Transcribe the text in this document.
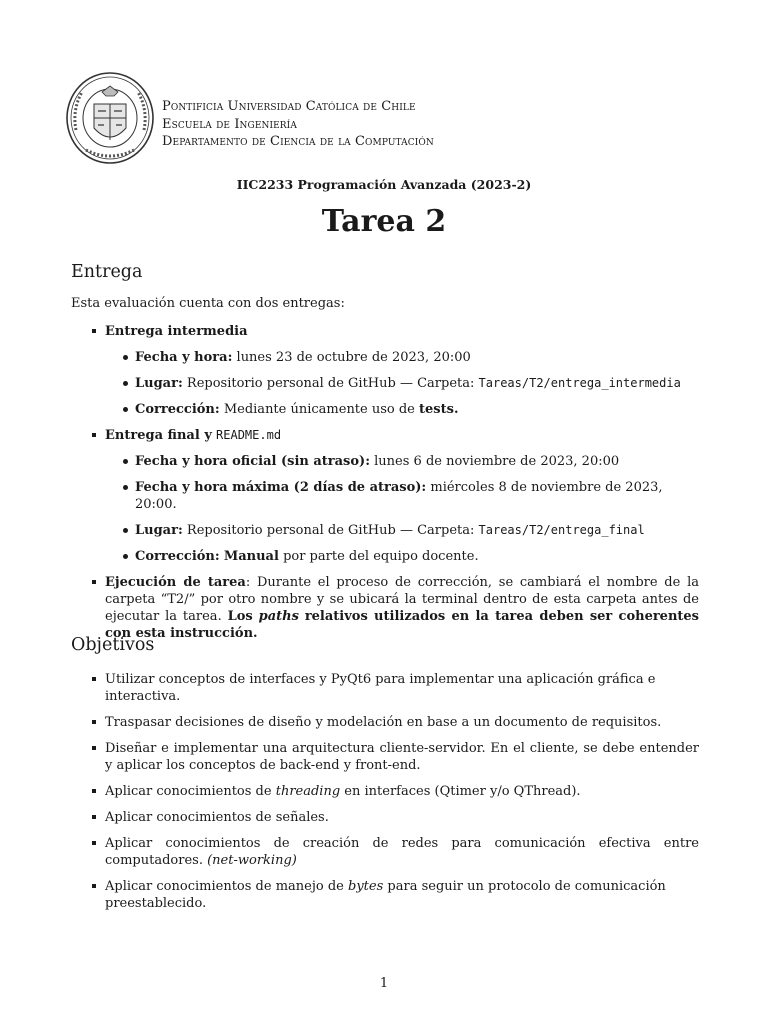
Pontificia Universidad Católica de Chile
Escuela de Ingeniería
Departamento de Ciencia de la Computación
IIC2233 Programación Avanzada (2023-2)
Tarea 2
Entrega
Esta evaluación cuenta con dos entregas:
Entrega intermedia
Fecha y hora: lunes 23 de octubre de 2023, 20:00
Lugar: Repositorio personal de GitHub — Carpeta: Tareas/T2/entrega_intermedia
Corrección: Mediante únicamente uso de tests.
Entrega final y README.md
Fecha y hora oficial (sin atraso): lunes 6 de noviembre de 2023, 20:00
Fecha y hora máxima (2 días de atraso): miércoles 8 de noviembre de 2023, 20:00.
Lugar: Repositorio personal de GitHub — Carpeta: Tareas/T2/entrega_final
Corrección: Manual por parte del equipo docente.
Ejecución de tarea: Durante el proceso de corrección, se cambiará el nombre de la carpeta “T2/” por otro nombre y se ubicará la terminal dentro de esta carpeta antes de ejecutar la tarea. Los paths relativos utilizados en la tarea deben ser coherentes con esta instrucción.
Objetivos
Utilizar conceptos de interfaces y PyQt6 para implementar una aplicación gráfica e interactiva.
Traspasar decisiones de diseño y modelación en base a un documento de requisitos.
Diseñar e implementar una arquitectura cliente-servidor. En el cliente, se debe entender y aplicar los conceptos de back-end y front-end.
Aplicar conocimientos de threading en interfaces (Qtimer y/o QThread).
Aplicar conocimientos de señales.
Aplicar conocimientos de creación de redes para comunicación efectiva entre computadores. (net-working)
Aplicar conocimientos de manejo de bytes para seguir un protocolo de comunicación preestablecido.
1
